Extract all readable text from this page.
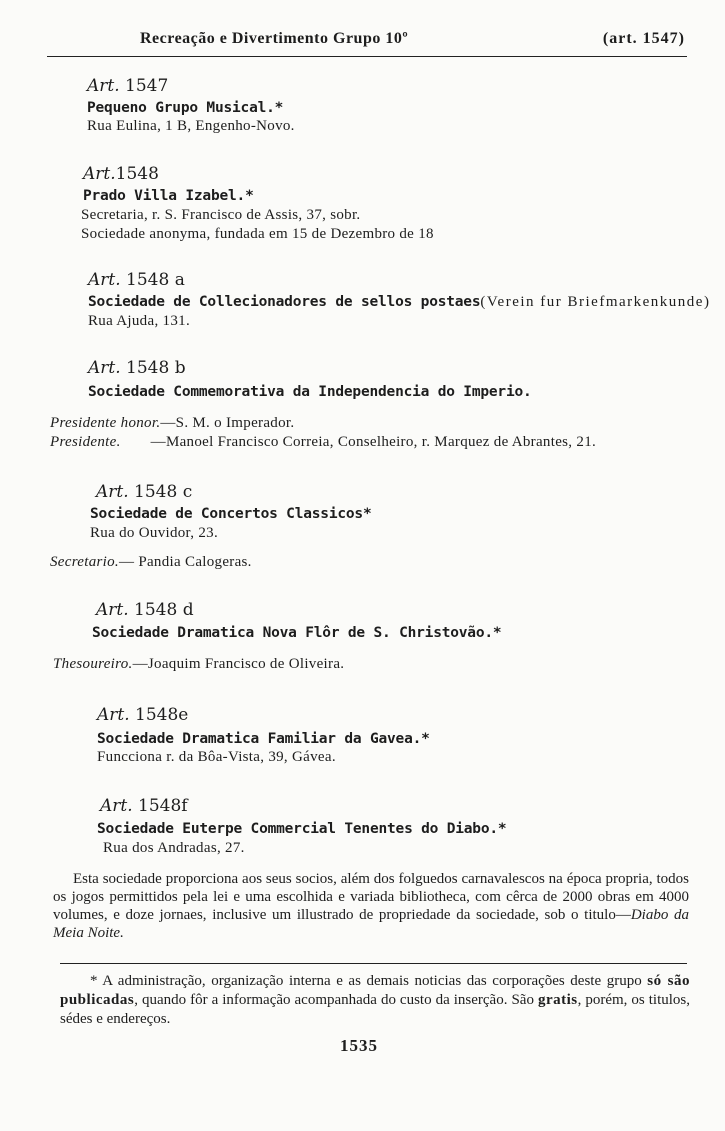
Recreação e Divertimento Grupo 10º	(art. 1547)
Art. 1547
Pequeno Grupo Musical.*
Rua Eulina, 1 B, Engenho-Novo.
Art.1548
Prado Villa Izabel.*
Secretaria, r. S. Francisco de Assis, 37, sobr.
Sociedade anonyma, fundada em 15 de Dezembro de 18
Art. 1548 a
Sociedade de Collecionadores de sellos postaes(Verein fur Briefmarkenkunde)
Rua Ajuda, 131.
Art. 1548 b
Sociedade Commemorativa da Independencia do Imperio.
Presidente honor.—S. M. o Imperador.
Presidente. —Manoel Francisco Correia, Conselheiro, r. Marquez de Abrantes, 21.
Art. 1548 c
Sociedade de Concertos Classicos*
Rua do Ouvidor, 23.
Secretario.— Pandia Calogeras.
Art. 1548 d
Sociedade Dramatica Nova Flôr de S. Christovão.*
Thesoureiro.—Joaquim Francisco de Oliveira.
Art. 1548e
Sociedade Dramatica Familiar da Gavea.*
Funcciona r. da Bôa-Vista, 39, Gávea.
Art. 1548f
Sociedade Euterpe Commercial Tenentes do Diabo.*
Rua dos Andradas, 27.
Esta sociedade proporciona aos seus socios, além dos folguedos carnavalescos na época propria, todos os jogos permittidos pela lei e uma escolhida e variada bibliotheca, com cêrca de 2000 obras em 4000 volumes, e doze jornaes, inclusive um illustrado de propriedade da sociedade, sob o titulo—Diabo da Meia Noite.
* A administração, organização interna e as demais noticias das corporações deste grupo só são publicadas, quando fôr a informação acompanhada do custo da inserção. São gratis, porém, os titulos, sédes e endereços.
1535
